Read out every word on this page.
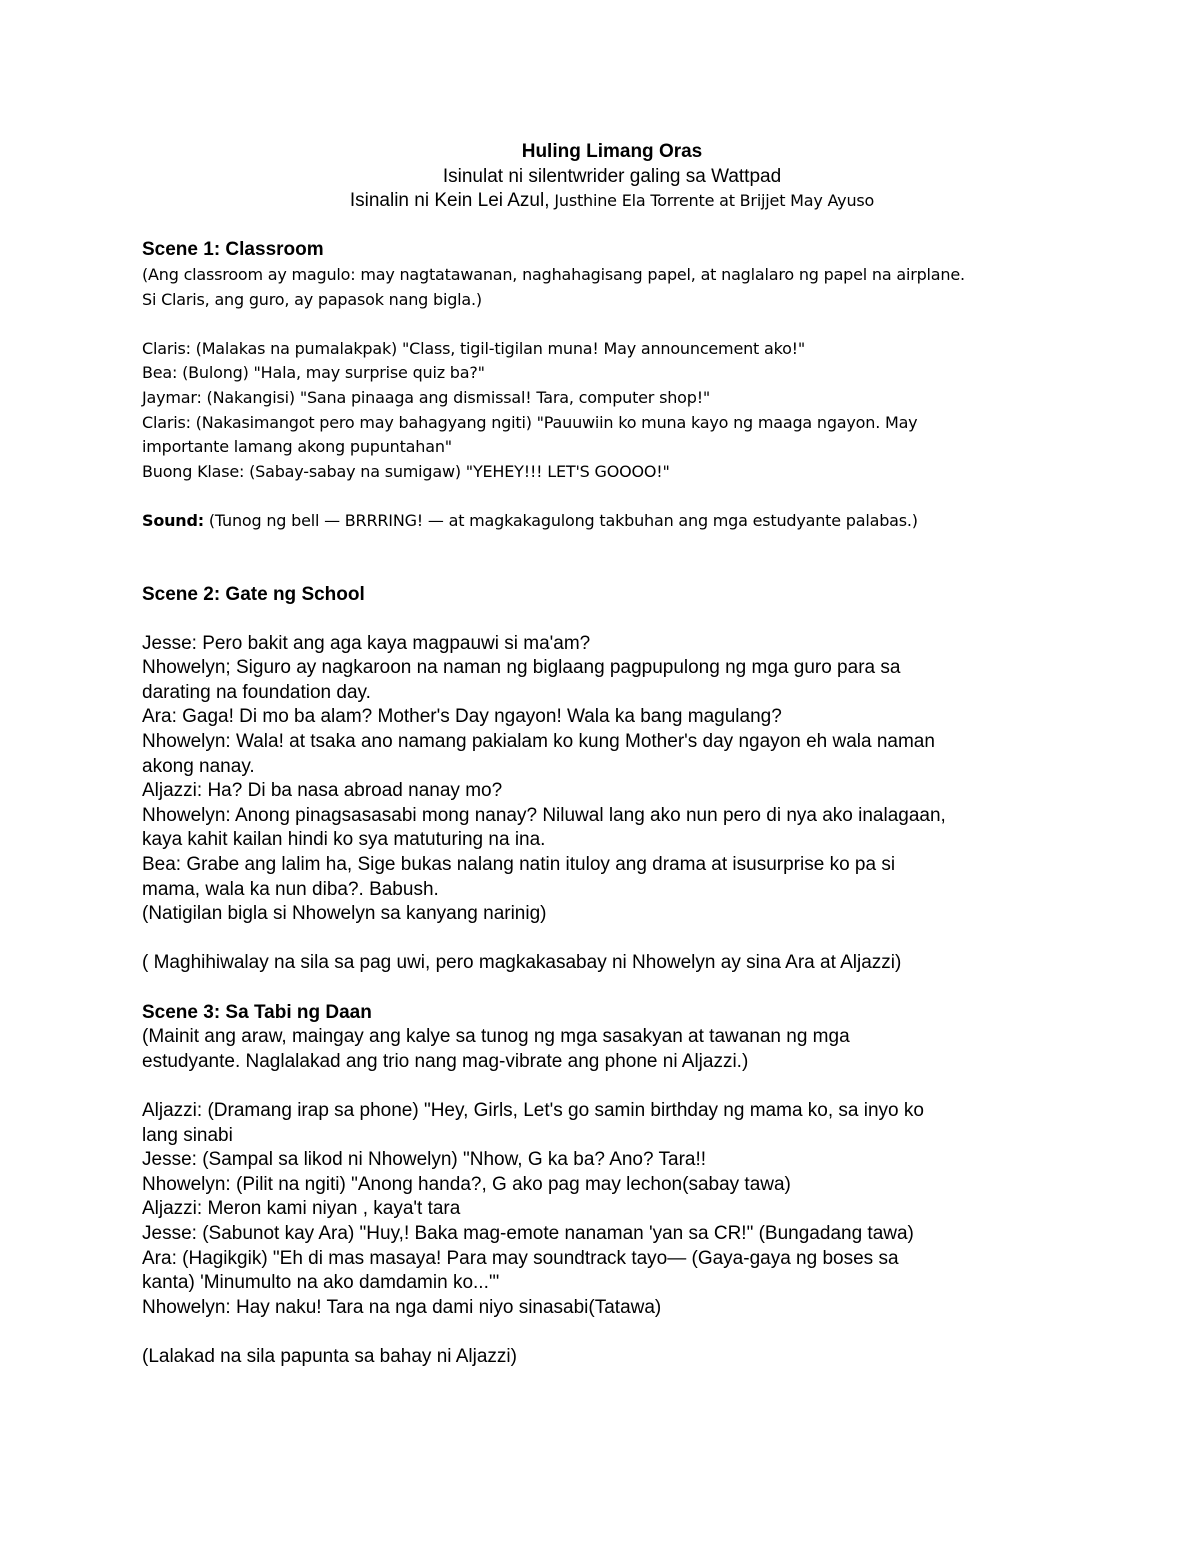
Huling Limang Oras
Isinulat ni silentwrider galing sa Wattpad
Isinalin ni Kein Lei Azul, Justhine Ela Torrente at Brijjet May Ayuso
Scene 1: Classroom
(Ang classroom ay magulo: may nagtatawanan, naghahagisang papel, at naglalaro ng papel na airplane.
Si Claris, ang guro, ay papasok nang bigla.)
Claris: (Malakas na pumalakpak) "Class, tigil-tigilan muna! May announcement ako!"
Bea: (Bulong) "Hala, may surprise quiz ba?"
Jaymar: (Nakangisi) "Sana pinaaga ang dismissal! Tara, computer shop!"
Claris: (Nakasimangot pero may bahagyang ngiti) "Pauuwiin ko muna kayo ng maaga ngayon. May
importante lamang akong pupuntahan"
Buong Klase: (Sabay-sabay na sumigaw) "YEHEY!!! LET'S GOOOO!"
Sound: (Tunog ng bell — BRRRING! — at magkakagulong takbuhan ang mga estudyante palabas.)
Scene 2: Gate ng School
Jesse: Pero bakit ang aga kaya magpauwi si ma'am?
Nhowelyn; Siguro ay nagkaroon na naman ng biglaang pagpupulong ng mga guro para sa
darating na foundation day.
Ara: Gaga! Di mo ba alam? Mother's Day ngayon! Wala ka bang magulang?
Nhowelyn: Wala! at tsaka ano namang pakialam ko kung Mother's day ngayon eh wala naman
akong nanay.
Aljazzi: Ha? Di ba nasa abroad nanay mo?
Nhowelyn: Anong pinagsasasabi mong nanay? Niluwal lang ako nun pero di nya ako inalagaan,
kaya kahit kailan hindi ko sya matuturing na ina.
Bea: Grabe ang lalim ha, Sige bukas nalang natin ituloy ang drama at isusurprise ko pa si
mama, wala ka nun diba?. Babush.
(Natigilan bigla si Nhowelyn sa kanyang narinig)
( Maghihiwalay na sila sa pag uwi, pero magkakasabay ni Nhowelyn ay sina Ara at Aljazzi)
Scene 3: Sa Tabi ng Daan
(Mainit ang araw, maingay ang kalye sa tunog ng mga sasakyan at tawanan ng mga
estudyante. Naglalakad ang trio nang mag-vibrate ang phone ni Aljazzi.)
Aljazzi: (Dramang irap sa phone) "Hey, Girls, Let's go samin birthday ng mama ko, sa inyo ko
lang sinabi
Jesse: (Sampal sa likod ni Nhowelyn) "Nhow, G ka ba? Ano? Tara!!
Nhowelyn: (Pilit na ngiti) "Anong handa?, G ako pag may lechon(sabay tawa)
Aljazzi: Meron kami niyan , kaya't tara
Jesse: (Sabunot kay Ara) "Huy,! Baka mag-emote nanaman 'yan sa CR!" (Bungadang tawa)
Ara: (Hagikgik) "Eh di mas masaya! Para may soundtrack tayo— (Gaya-gaya ng boses sa
kanta) 'Minumulto na ako damdamin ko...'"
Nhowelyn: Hay naku! Tara na nga dami niyo sinasabi(Tatawa)
(Lalakad na sila papunta sa bahay ni Aljazzi)
